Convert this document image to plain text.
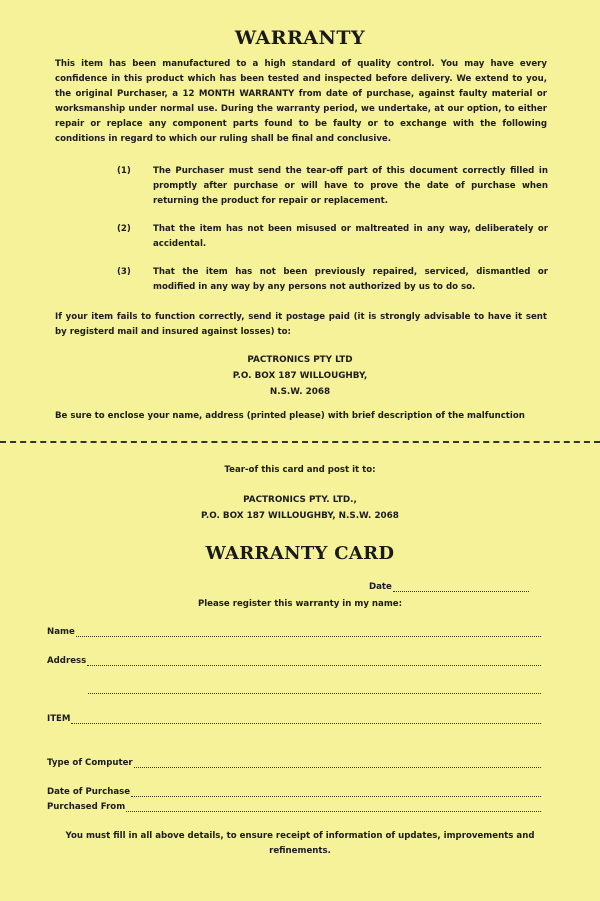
WARRANTY
This item has been manufactured to a high standard of quality control. You may have every confidence in this product which has been tested and inspected before delivery. We extend to you, the original Purchaser, a 12 MONTH WARRANTY from date of purchase, against faulty material or worksmanship under normal use. During the warranty period, we undertake, at our option, to either repair or replace any component parts found to be faulty or to exchange with the following conditions in regard to which our ruling shall be final and conclusive.
(1)	The Purchaser must send the tear-off part of this document correctly filled in promptly after purchase or will have to prove the date of purchase when returning the product for repair or replacement.
(2)	That the item has not been misused or maltreated in any way, deliberately or accidental.
(3)	That the item has not been previously repaired, serviced, dismantled or modified in any way by any persons not authorized by us to do so.
If your item fails to function correctly, send it postage paid (it is strongly advisable to have it sent by registerd mail and insured against losses) to:
PACTRONICS PTY LTD
P.O. BOX 187 WILLOUGHBY,
N.S.W. 2068
Be sure to enclose your name, address (printed please) with brief description of the malfunction
Tear-of this card and post it to:
PACTRONICS PTY. LTD.,
P.O. BOX 187 WILLOUGHBY, N.S.W. 2068
WARRANTY CARD
Date
Please register this warranty in my name:
Name
Address
ITEM
Type of Computer
Date of Purchase
Purchased From
You must fill in all above details, to ensure receipt of information of updates, improvements and refinements.
